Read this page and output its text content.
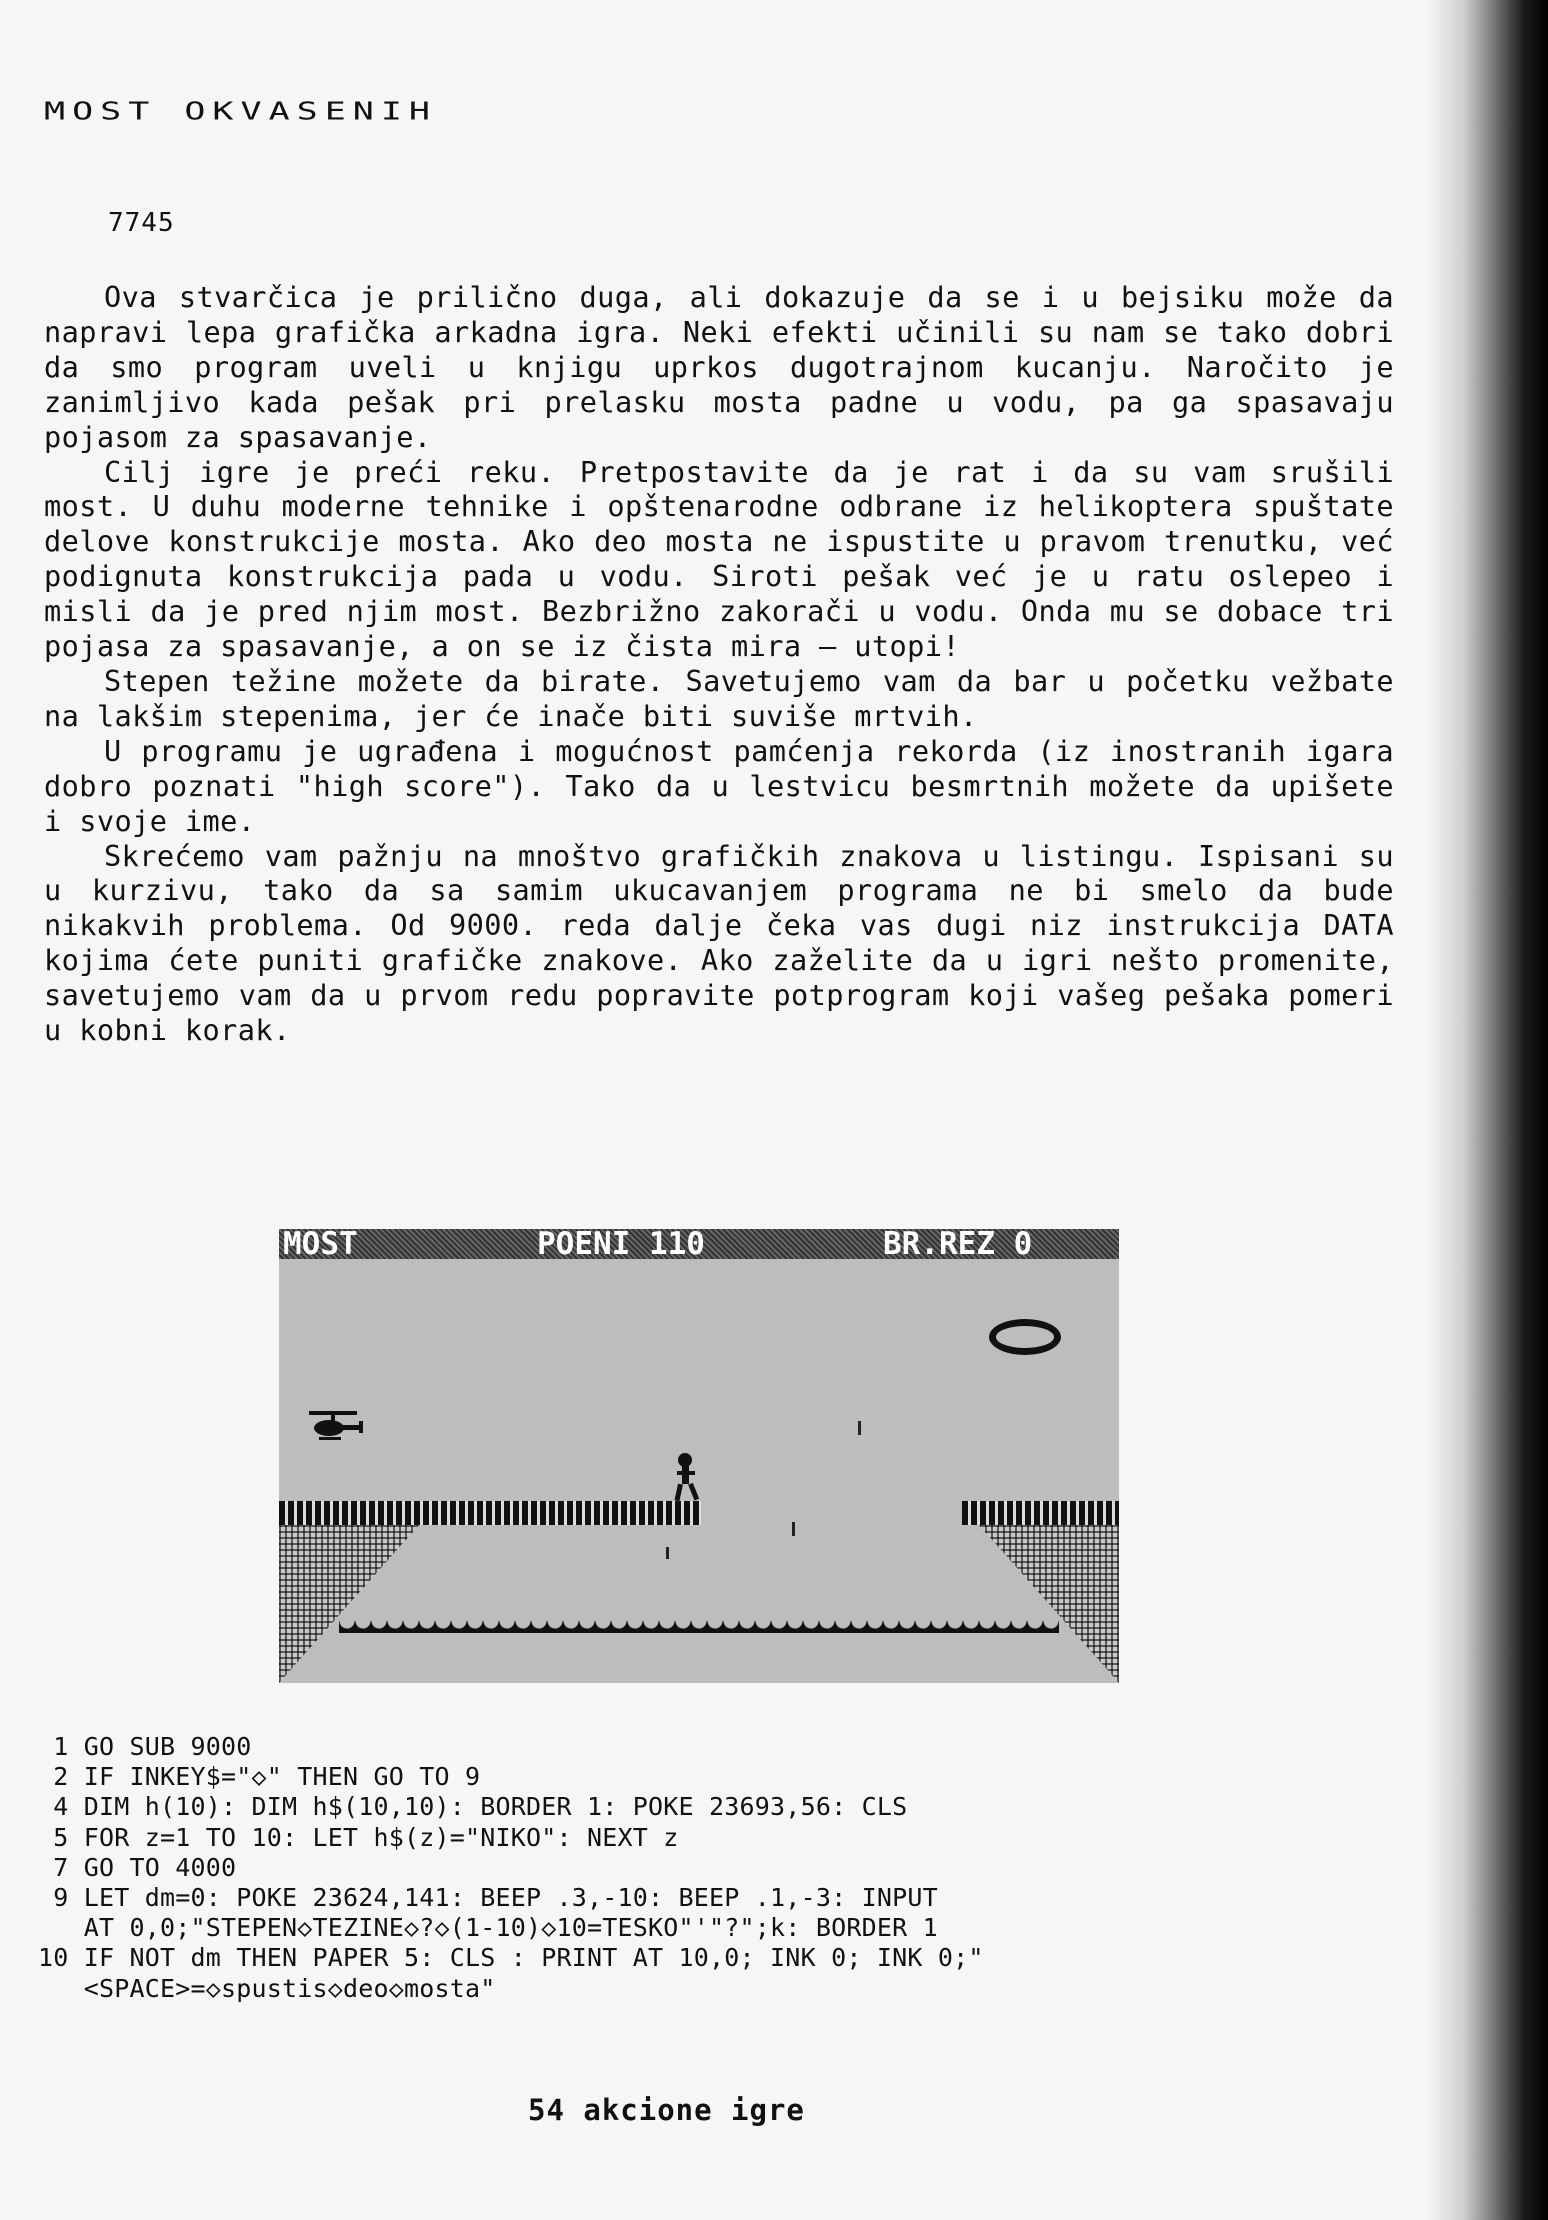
MOST OKVASENIH
7745

Ova stvarčica je prilično duga, ali dokazuje da se i u bejsiku može da napravi lepa grafička arkadna igra. Neki efekti učinili su nam se tako dobri da smo program uveli u knjigu uprkos dugotrajnom kucanju. Naročito je zanimljivo kada pešak pri prelasku mosta padne u vodu, pa ga spasavaju pojasom za spasavanje.

Cilj igre je preći reku. Pretpostavite da je rat i da su vam srušili most. U duhu moderne tehnike i opštenarodne odbrane iz helikoptera spuštate delove konstrukcije mosta. Ako deo mosta ne ispustite u pravom trenutku, već podignuta konstrukcija pada u vodu. Siroti pešak već je u ratu oslepeo i misli da je pred njim most. Bezbrižno zakorači u vodu. Onda mu se dobace tri pojasa za spasavanje, a on se iz čista mira – utopi!

Stepen težine možete da birate. Savetujemo vam da bar u početku vežbate na lakšim stepenima, jer će inače biti suviše mrtvih.

U programu je ugrađena i mogućnost pamćenja rekorda (iz inostranih igara dobro poznati "high score"). Tako da u lestvicu besmrtnih možete da upišete i svoje ime.

Skrećemo vam pažnju na mnoštvo grafičkih znakova u listingu. Ispisani su u kurzivu, tako da sa samim ukucavanjem programa ne bi smelo da bude nikakvih problema. Od 9000. reda dalje čeka vas dugi niz instrukcija DATA kojima ćete puniti grafičke znakove. Ako zaželite da u igri nešto promenite, savetujemo vam da u prvom redu popravite potprogram koji vašeg pešaka pomeri u kobni korak.

MOST	POENI 110	BR.REZ 0
1 GO SUB 9000
2 IF INKEY$="◇" THEN GO TO 9
4 DIM h(10): DIM h$(10,10): BORDER 1: POKE 23693,56: CLS
5 FOR z=1 TO 10: LET h$(z)="NIKO": NEXT z
7 GO TO 4000
9 LET dm=0: POKE 23624,141: BEEP .3,-10: BEEP .1,-3: INPUT
AT 0,0;"STEPEN◇TEZINE◇?◇(1-10)◇10=TESKO"'"?";k: BORDER 1
10 IF NOT dm THEN PAPER 5: CLS : PRINT AT 10,0; INK 0; INK 0;"
<SPACE>=◇spustis◇deo◇mosta"
54 akcione igre
